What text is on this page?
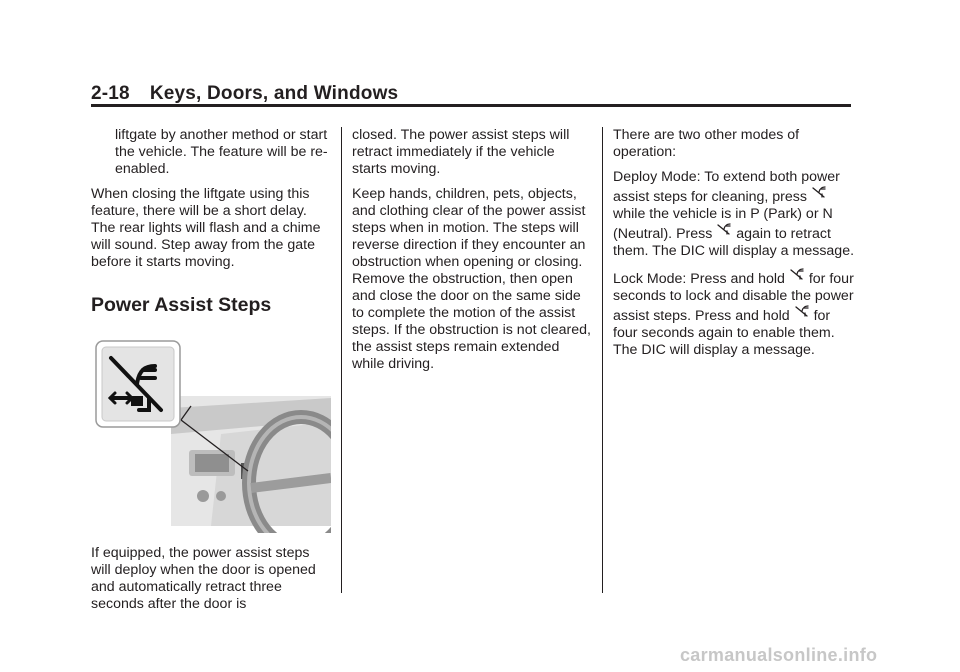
2-18 Keys, Doors, and Windows

liftgate by another method or start the vehicle. The feature will be re-enabled.

When closing the liftgate using this feature, there will be a short delay. The rear lights will flash and a chime will sound. Step away from the gate before it starts moving.

Power Assist Steps

If equipped, the power assist steps will deploy when the door is opened and automatically retract three seconds after the door is

closed. The power assist steps will retract immediately if the vehicle starts moving.

Keep hands, children, pets, objects, and clothing clear of the power assist steps when in motion. The steps will reverse direction if they encounter an obstruction when opening or closing. Remove the obstruction, then open and close the door on the same side to complete the motion of the assist steps. If the obstruction is not cleared, the assist steps remain extended while driving.

There are two other modes of operation:

Deploy Mode: To extend both power assist steps for cleaning, press  while the vehicle is in P (Park) or N (Neutral). Press again to retract them. The DIC will display a message.

Lock Mode: Press and hold for four seconds to lock and disable the power assist steps. Press and hold for four seconds again to enable them. The DIC will display a message.

carmanualsonline.info
